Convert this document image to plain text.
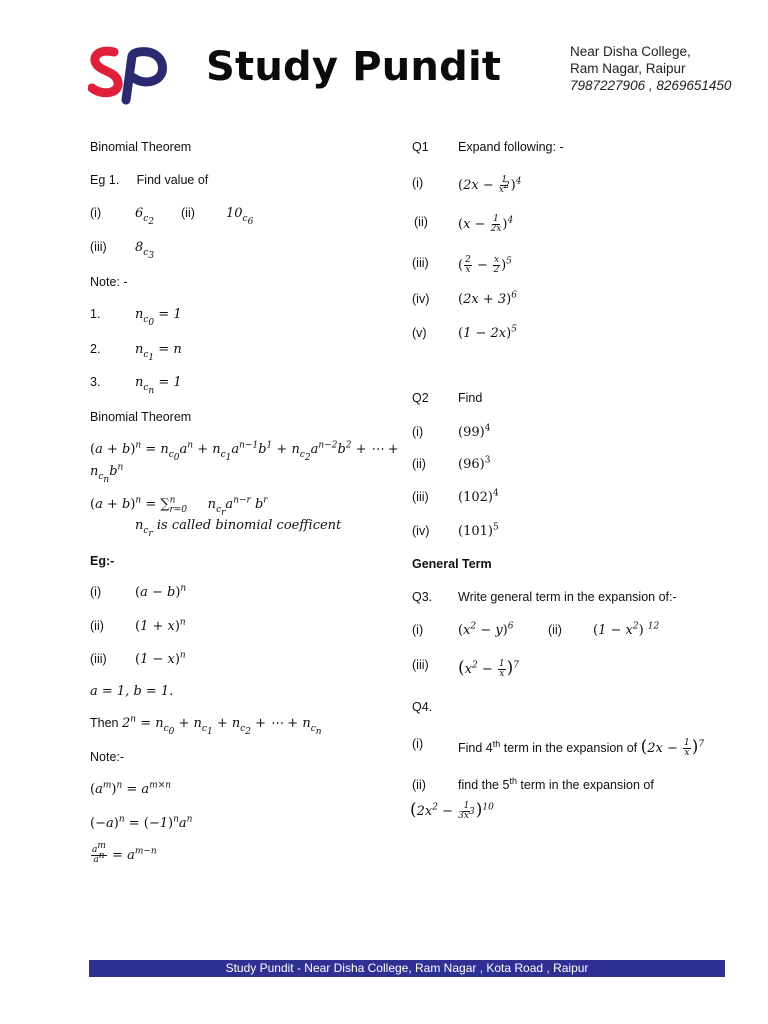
Study Pundit	Near Disha College,
Ram Nagar, Raipur
7987227906 , 8269651450
Binomial Theorem
Eg 1. Find value of
(i)	$6_{c_2}$
(ii) $10_{c_6}$
(iii) $8_{c_3}$
Note: -
1.	$n_{c_0} = 1$
2.	$n_{c_1} = n$
3.	$n_{c_n} = 1$
Binomial Theorem
$(a + b)^n = n_{c_0}a^n + n_{c_1}a^{n-1}b^1 + n_{c_2}a^{n-2}b^2$ + ⋯ +
$n_{c_n}b^n$
$(a + b)^n = \sum^n_{r=0}$     $n_{c_r}a^{n-r}$ $b^r$
$n_{c_r}$ is called binomial coefficent
Eg:-
(i)	$(a - b)^n$
(ii) $(1 + x)^n$
(iii) $(1 - x)^n$
a = 1, b = 1.
Then $2^n = n_{c_0} + n_{c_1} + n_{c_2}$ + ⋯ + $n_{c_n}$
Note:-
$(a^m)^n = a^{m\times n}$
$(-a)^n = (-1)^na^n$
$\frac{a^m}{a^n} = a^{m-n}$
Q1 Expand following: -
(i)	$(2x - \frac{1}{x^2} )^4$
(ii) $(x - \frac{1}{2x} )^4$
(iii) ( $\frac{2}{x} - \frac{x}{2} )^5$
(iv) $(2x + 3)^6$
(v) $(1 - 2x)^5$
Q2 Find
(i)	$(99)^4$
(ii) $(96)^3$
(iii) $(102)^4$
(iv) $(101)^5$
General Term
Q3. Write general term in the expansion of:-
(i)	$(x^2 - y)^6$	(ii) $(1 - x^2)$ $^{12}$
(iii) $(x^2 - \frac{1}{x} )^7$
Q4.
(i)	Find 4th term in the expansion of $(2x - \frac{1}{x} )^7$
(ii)	find the 5th term in the expansion of
$(2x^2 - \frac{1}{3x^3} )^{10}$
Study Pundit - Near Disha College, Ram Nagar , Kota Road , Raipur
